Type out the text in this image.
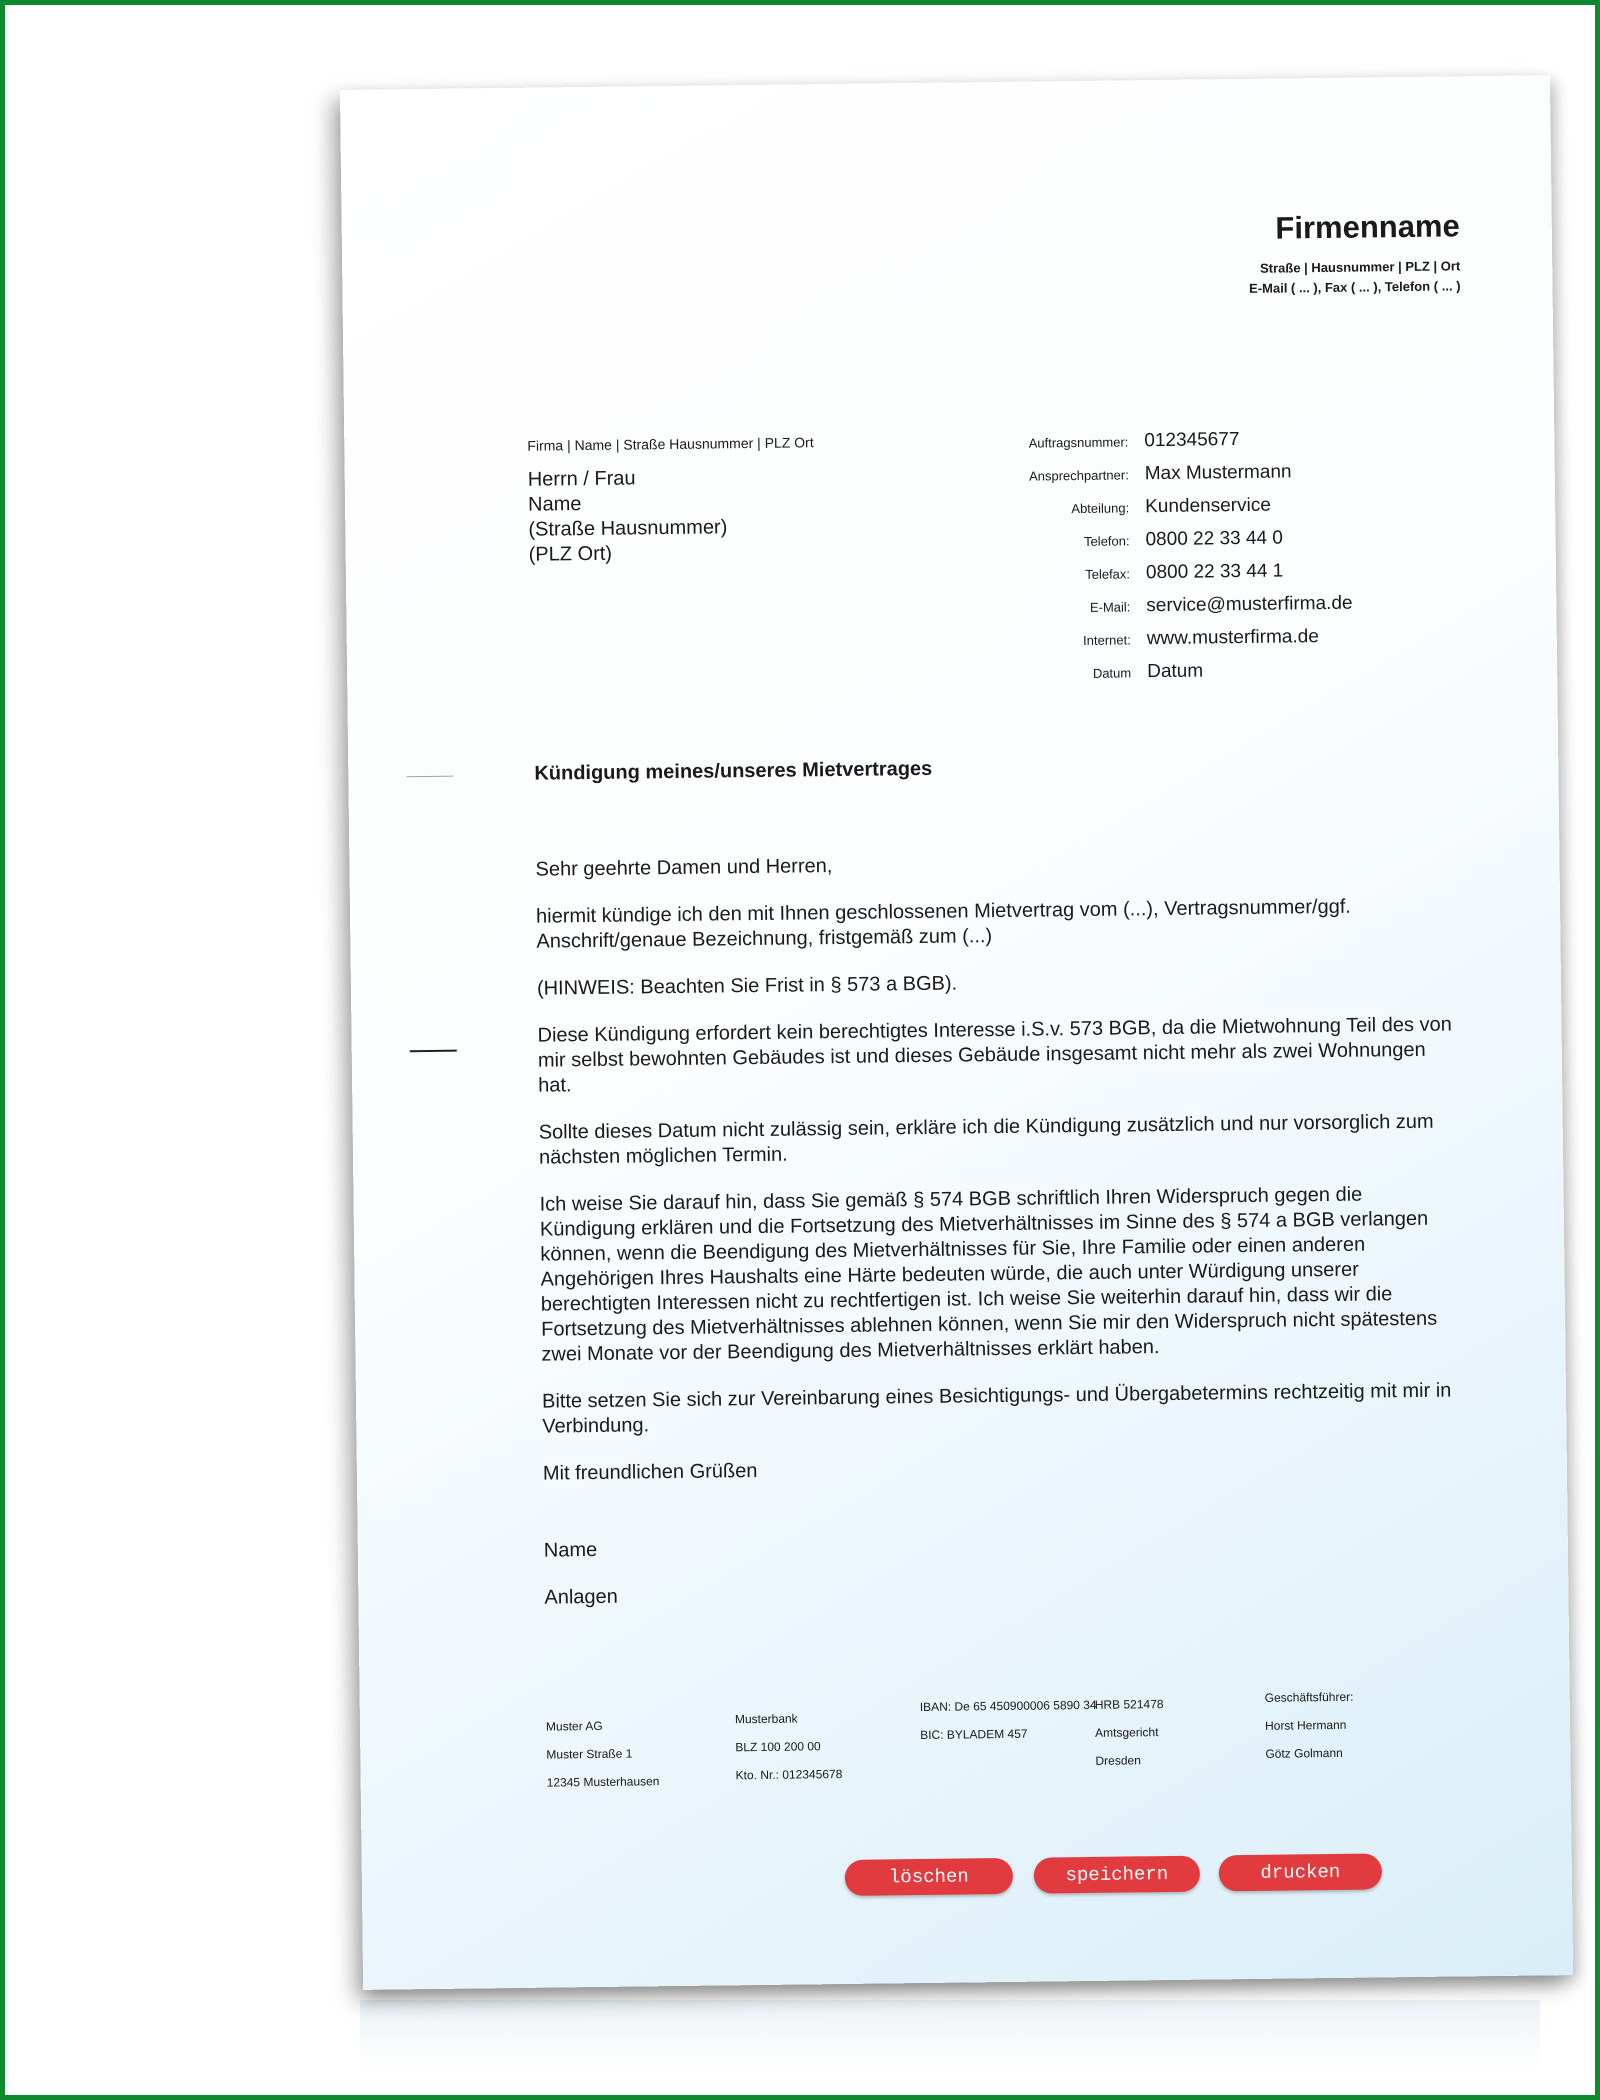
Firmenname
Straße | Hausnummer | PLZ | Ort
E-Mail ( ... ), Fax ( ... ), Telefon ( ... )
Firma | Name | Straße Hausnummer | PLZ Ort
Herrn / Frau
Name
(Straße Hausnummer)
(PLZ Ort)
Auftragsnummer: 012345677
Ansprechpartner: Max Mustermann
Abteilung: Kundenservice
Telefon: 0800 22 33 44 0
Telefax: 0800 22 33 44 1
E-Mail: service@musterfirma.de
Internet: www.musterfirma.de
Datum Datum
Kündigung meines/unseres Mietvertrages

Sehr geehrte Damen und Herren,

hiermit kündige ich den mit Ihnen geschlossenen Mietvertrag vom (...), Vertragsnummer/ggf. Anschrift/genaue Bezeichnung, fristgemäß zum (...)

(HINWEIS: Beachten Sie Frist in § 573 a BGB).

Diese Kündigung erfordert kein berechtigtes Interesse i.S.v. 573 BGB, da die Mietwohnung Teil des von mir selbst bewohnten Gebäudes ist und dieses Gebäude insgesamt nicht mehr als zwei Wohnungen hat.

Sollte dieses Datum nicht zulässig sein, erkläre ich die Kündigung zusätzlich und nur vorsorglich zum nächsten möglichen Termin.

Ich weise Sie darauf hin, dass Sie gemäß § 574 BGB schriftlich Ihren Widerspruch gegen die Kündigung erklären und die Fortsetzung des Mietverhältnisses im Sinne des § 574 a BGB verlangen können, wenn die Beendigung des Mietverhältnisses für Sie, Ihre Familie oder einen anderen Angehörigen Ihres Haushalts eine Härte bedeuten würde, die auch unter Würdigung unserer berechtigten Interessen nicht zu rechtfertigen ist. Ich weise Sie weiterhin darauf hin, dass wir die Fortsetzung des Mietverhältnisses ablehnen können, wenn Sie mir den Widerspruch nicht spätestens zwei Monate vor der Beendigung des Mietverhältnisses erklärt haben.

Bitte setzen Sie sich zur Vereinbarung eines Besichtigungs- und Übergabetermins rechtzeitig mit mir in Verbindung.

Mit freundlichen Grüßen

Name

Anlagen

Muster AG
Muster Straße 1
12345 Musterhausen
Musterbank
BLZ 100 200 00
Kto. Nr.: 012345678
IBAN: De 65 450900006 5890 34
BIC: BYLADEM 457
HRB 521478
Amtsgericht
Dresden
Geschäftsführer:
Horst Hermann
Götz Golmann
löschen	speichern	drucken
